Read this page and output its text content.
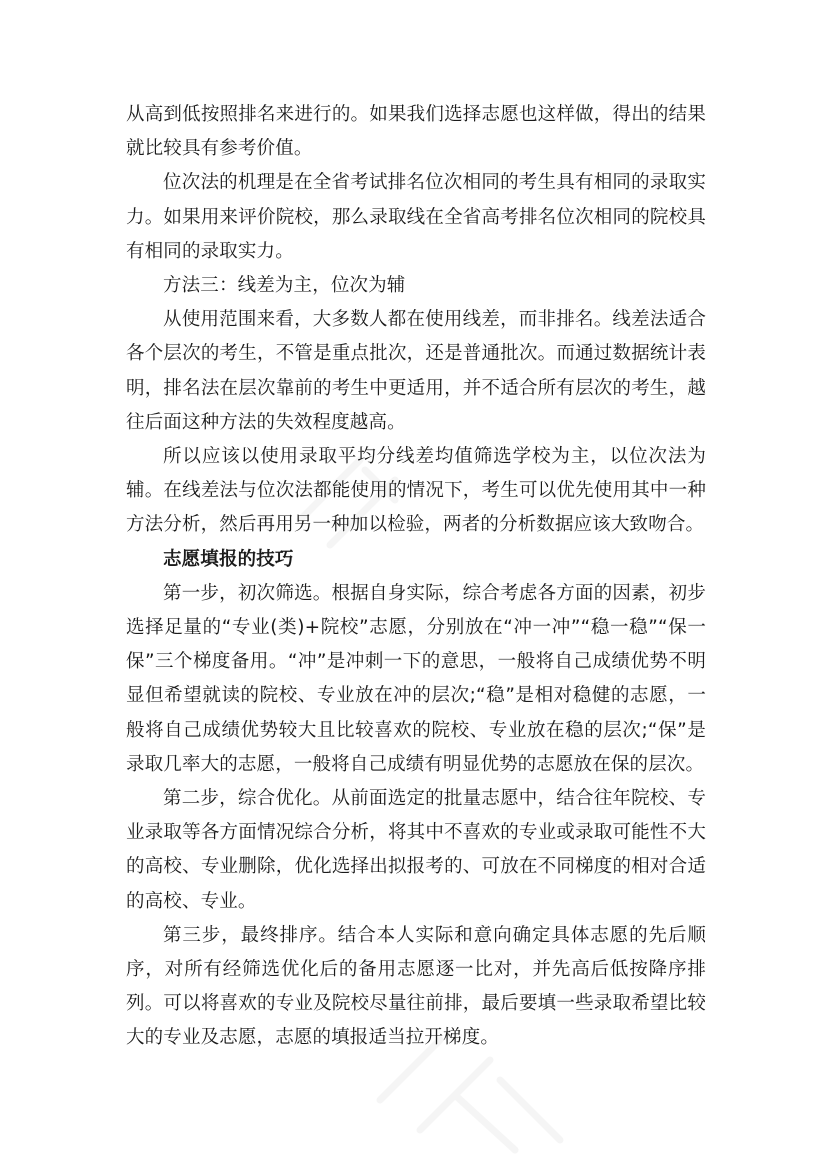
从高到低按照排名来进行的。如果我们选择志愿也这样做，得出的结果就比较具有参考价值。

位次法的机理是在全省考试排名位次相同的考生具有相同的录取实力。如果用来评价院校，那么录取线在全省高考排名位次相同的院校具有相同的录取实力。

方法三：线差为主，位次为辅

从使用范围来看，大多数人都在使用线差，而非排名。线差法适合各个层次的考生，不管是重点批次，还是普通批次。而通过数据统计表明，排名法在层次靠前的考生中更适用，并不适合所有层次的考生，越往后面这种方法的失效程度越高。

所以应该以使用录取平均分线差均值筛选学校为主，以位次法为辅。在线差法与位次法都能使用的情况下，考生可以优先使用其中一种方法分析，然后再用另一种加以检验，两者的分析数据应该大致吻合。

志愿填报的技巧

第一步，初次筛选。根据自身实际，综合考虑各方面的因素，初步选择足量的“专业(类)+院校”志愿，分别放在“冲一冲”“稳一稳”“保一保”三个梯度备用。“冲”是冲刺一下的意思，一般将自己成绩优势不明显但希望就读的院校、专业放在冲的层次;“稳”是相对稳健的志愿，一般将自己成绩优势较大且比较喜欢的院校、专业放在稳的层次;“保”是录取几率大的志愿，一般将自己成绩有明显优势的志愿放在保的层次。

第二步，综合优化。从前面选定的批量志愿中，结合往年院校、专业录取等各方面情况综合分析，将其中不喜欢的专业或录取可能性不大的高校、专业删除，优化选择出拟报考的、可放在不同梯度的相对合适的高校、专业。

第三步，最终排序。结合本人实际和意向确定具体志愿的先后顺序，对所有经筛选优化后的备用志愿逐一比对，并先高后低按降序排列。可以将喜欢的专业及院校尽量往前排，最后要填一些录取希望比较大的专业及志愿，志愿的填报适当拉开梯度。
